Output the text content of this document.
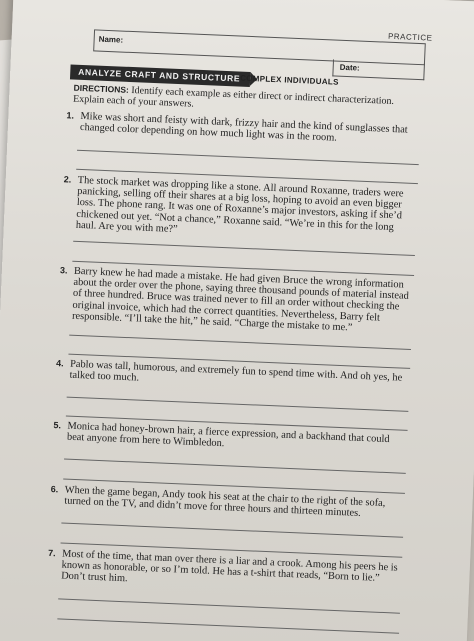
PRACTICE
Name:
Date:
ANALYZE CRAFT AND STRUCTURE COMPLEX INDIVIDUALS
DIRECTIONS: Identify each example as either direct or indirect characterization. Explain each of your answers.
1. Mike was short and feisty with dark, frizzy hair and the kind of sunglasses that changed color depending on how much light was in the room.
2. The stock market was dropping like a stone. All around Roxanne, traders were panicking, selling off their shares at a big loss, hoping to avoid an even bigger loss. The phone rang. It was one of Roxanne’s major investors, asking if she’d chickened out yet. “Not a chance,” Roxanne said. “We’re in this for the long haul. Are you with me?”
3. Barry knew he had made a mistake. He had given Bruce the wrong information about the order over the phone, saying three thousand pounds of material instead of three hundred. Bruce was trained never to fill an order without checking the original invoice, which had the correct quantities. Nevertheless, Barry felt responsible. “I’ll take the hit,” he said. “Charge the mistake to me.”
4. Pablo was tall, humorous, and extremely fun to spend time with. And oh yes, he talked too much.
5. Monica had honey-brown hair, a fierce expression, and a backhand that could beat anyone from here to Wimbledon.
6. When the game began, Andy took his seat at the chair to the right of the sofa, turned on the TV, and didn’t move for three hours and thirteen minutes.
7. Most of the time, that man over there is a liar and a crook. Among his peers he is known as honorable, or so I’m told. He has a t-shirt that reads, “Born to lie.” Don’t trust him.
